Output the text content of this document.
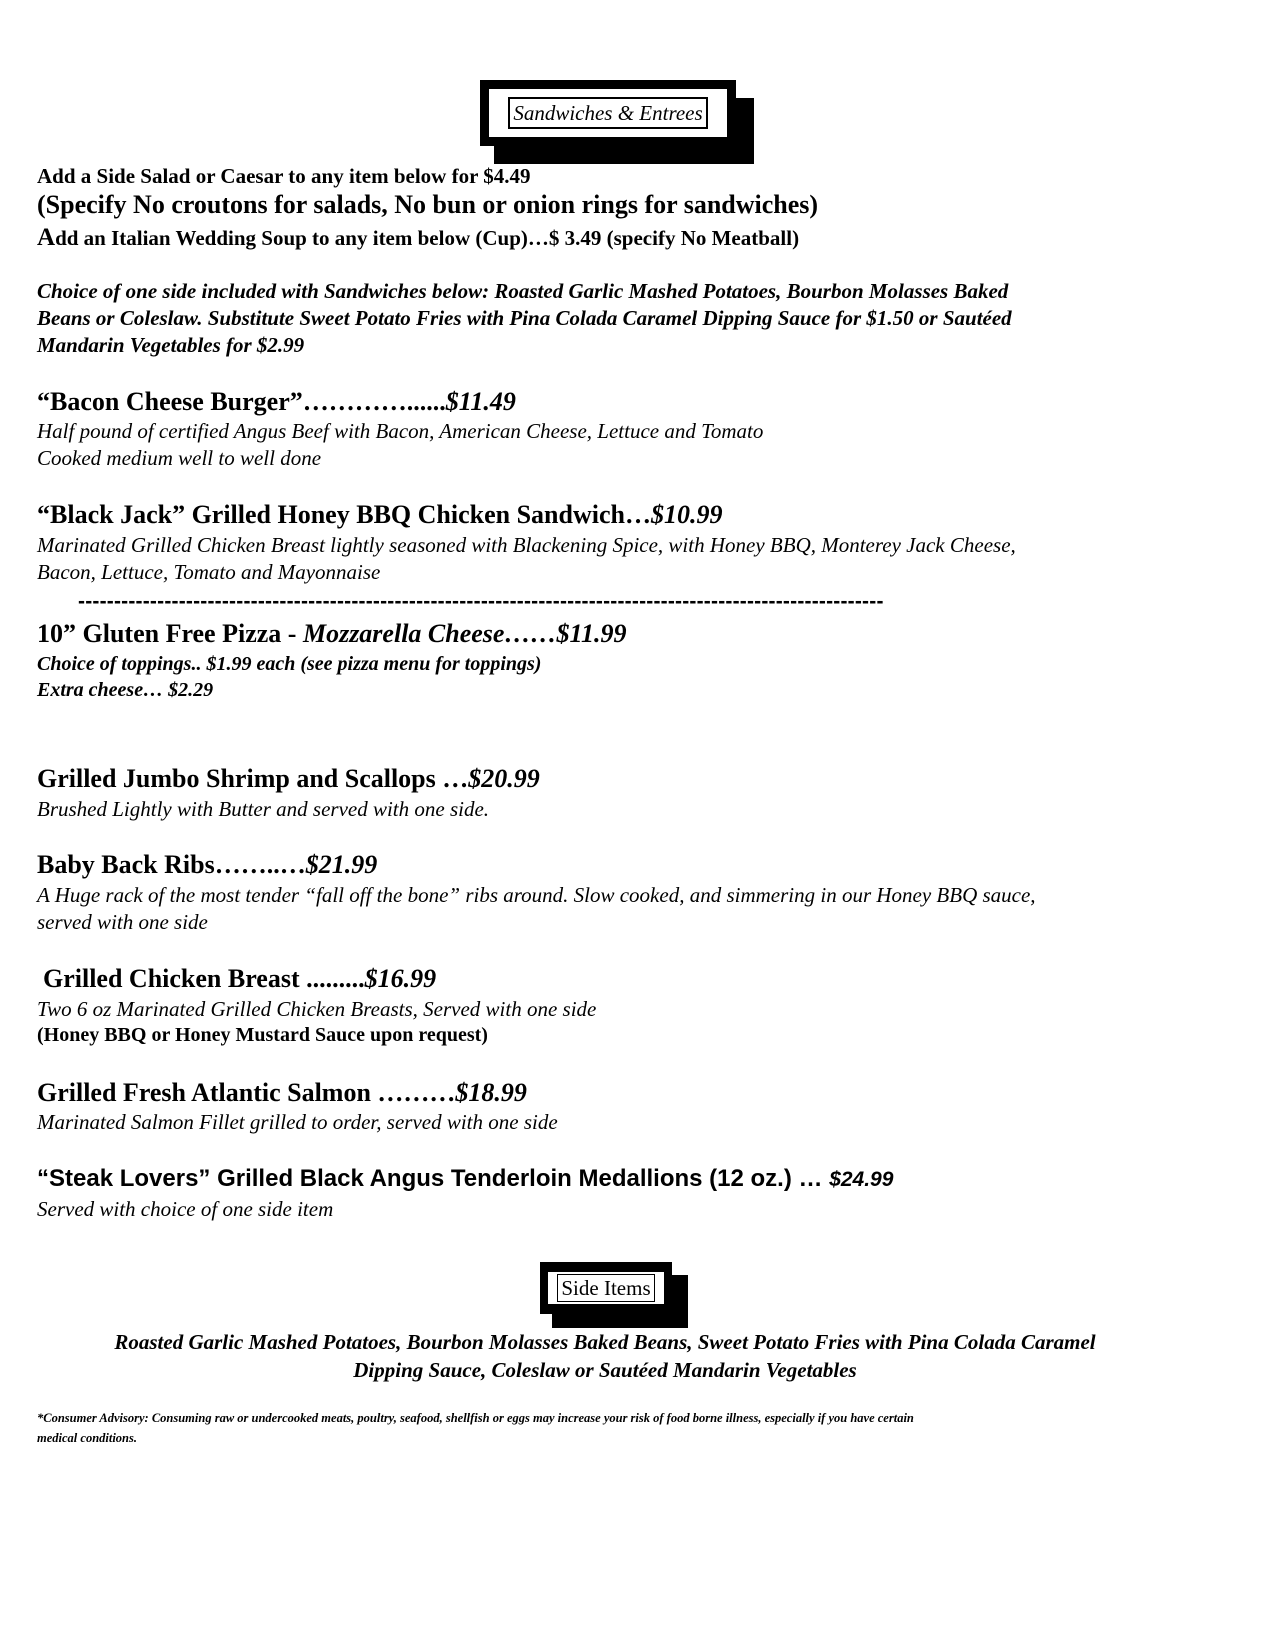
Sandwiches & Entrees
Add a Side Salad or Caesar to any item below for $4.49
(Specify No croutons for salads, No bun or onion rings for sandwiches)
Add an Italian Wedding Soup to any item below (Cup)…$ 3.49 (specify No Meatball)
Choice of one side included with Sandwiches below: Roasted Garlic Mashed Potatoes, Bourbon Molasses Baked
Beans or Coleslaw. Substitute Sweet Potato Fries with Pina Colada Caramel Dipping Sauce for $1.50 or Sautéed
Mandarin Vegetables for $2.99
“Bacon Cheese Burger”…………......$11.49
Half pound of certified Angus Beef with Bacon, American Cheese, Lettuce and Tomato
Cooked medium well to well done
“Black Jack” Grilled Honey BBQ Chicken Sandwich…$10.99
Marinated Grilled Chicken Breast lightly seasoned with Blackening Spice, with Honey BBQ, Monterey Jack Cheese,
Bacon, Lettuce, Tomato and Mayonnaise
----------------------------------------------------------------------------------------------------------------
10” Gluten Free Pizza - Mozzarella Cheese……$11.99
Choice of toppings.. $1.99 each (see pizza menu for toppings)
Extra cheese… $2.29
Grilled Jumbo Shrimp and Scallops …$20.99
Brushed Lightly with Butter and served with one side.
Baby Back Ribs……..…$21.99
A Huge rack of the most tender “fall off the bone” ribs around. Slow cooked, and simmering in our Honey BBQ sauce,
served with one side
Grilled Chicken Breast .........$16.99
Two 6 oz Marinated Grilled Chicken Breasts, Served with one side
(Honey BBQ or Honey Mustard Sauce upon request)
Grilled Fresh Atlantic Salmon ………$18.99
Marinated Salmon Fillet grilled to order, served with one side
“Steak Lovers” Grilled Black Angus Tenderloin Medallions (12 oz.) … $24.99
Served with choice of one side item
Side Items
Roasted Garlic Mashed Potatoes, Bourbon Molasses Baked Beans, Sweet Potato Fries with Pina Colada Caramel
Dipping Sauce, Coleslaw or Sautéed Mandarin Vegetables
*Consumer Advisory: Consuming raw or undercooked meats, poultry, seafood, shellfish or eggs may increase your risk of food borne illness, especially if you have certain
medical conditions.
